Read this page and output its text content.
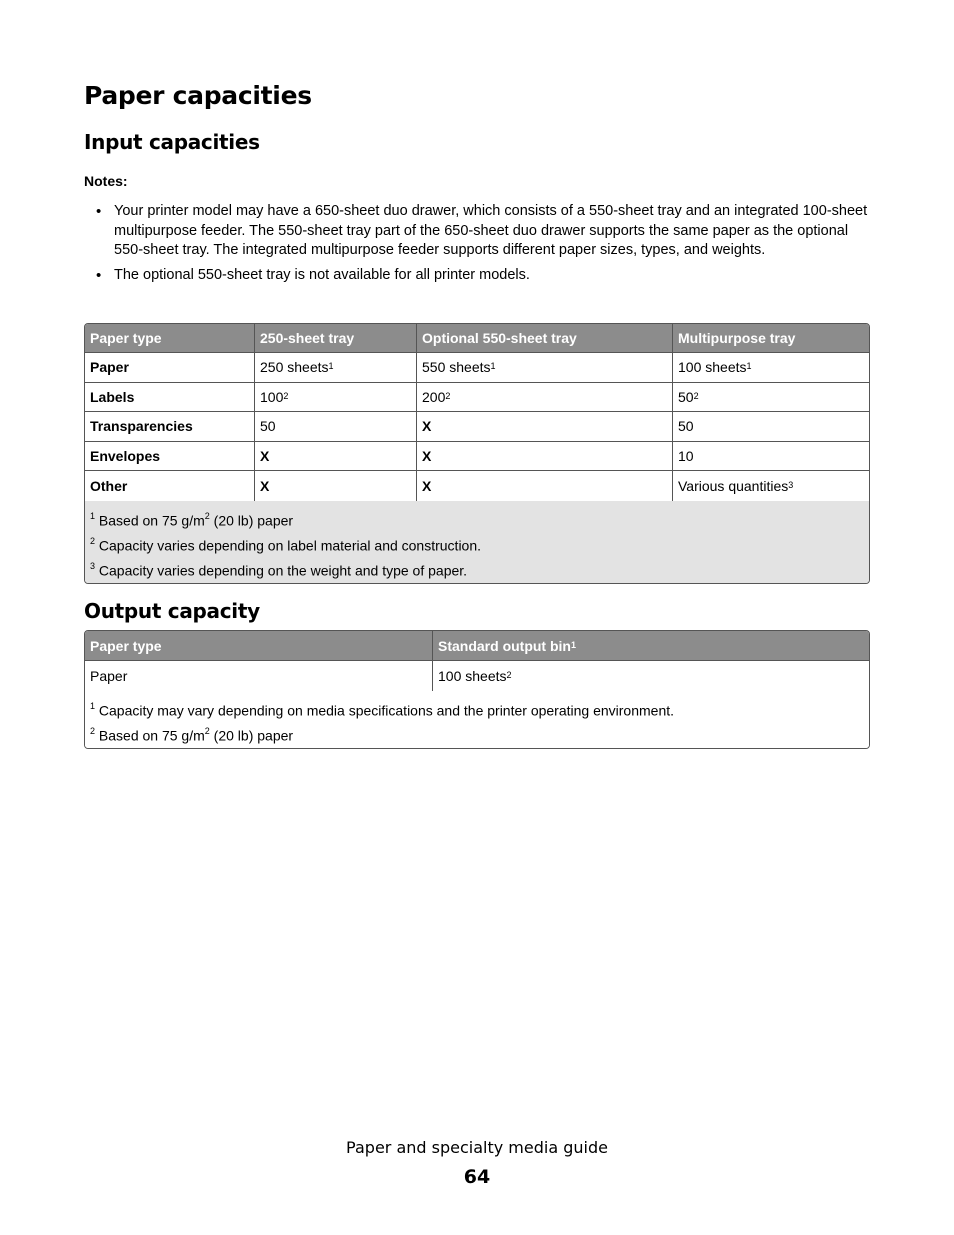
Paper capacities
Input capacities
Notes:
• Your printer model may have a 650-sheet duo drawer, which consists of a 550-sheet tray and an integrated 100-sheet multipurpose feeder. The 550-sheet tray part of the 650-sheet duo drawer supports the same paper as the optional 550-sheet tray. The integrated multipurpose feeder supports different paper sizes, types, and weights.
• The optional 550-sheet tray is not available for all printer models.
Paper type	250-sheet tray	Optional 550-sheet tray	Multipurpose tray
Paper	250 sheets$^1$	550 sheets$^1$	100 sheets$^1$
Labels	$100^2$	$200^2$	$50^2$
Transparencies	50	X	50
Envelopes	X	X	10
Other	X	X	Various quantities$^3$
$^1$ Based on 75 $g/m^2$ (20 lb) paper
$^2$ Capacity varies depending on label material and construction.
$^3$ Capacity varies depending on the weight and type of paper.
Output capacity
Paper type	Standard output bin$^1$
Paper	100 sheets$^2$
$^1$ Capacity may vary depending on media specifications and the printer operating environment.
$^2$ Based on 75 $g/m^2$ (20 lb) paper
Paper and specialty media guide
64
